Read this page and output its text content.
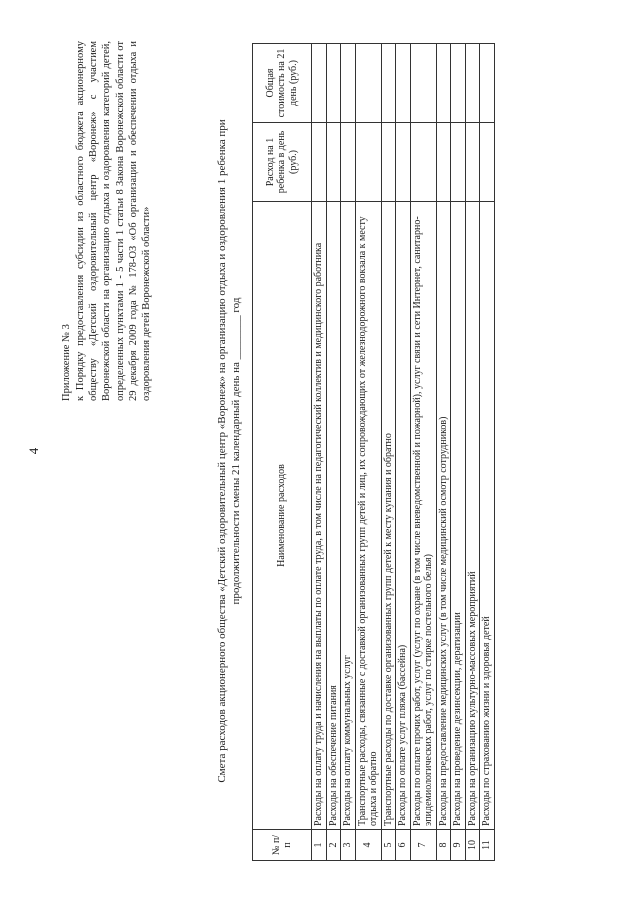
4

Приложение № 3 к Порядку предоставления субсидии из областного бюджета акционерному обществу «Детский оздоровительный центр «Воронеж» с участием Воронежской области на организацию отдыха и оздоровления категорий детей, определенных пунктами 1 - 5 части 1 статьи 8 Закона Воронежской области от 29 декабря 2009 года № 178-ОЗ «Об организации и обеспечении отдыха и оздоровления детей Воронежской области»	Смета расходов акционерного общества «Детский оздоровительный центр «Воронеж» на организацию отдыха и оздоровления 1 ребенка при продолжительности смены 21 календарный день на ________ год
№ п/п	Наименование расходов	Расход на 1 ребенка в день (руб.)	Общая стоимость на 21 день (руб.)
1	Расходы на оплату труда и начисления на выплаты по оплате труда, в том числе на педагогический коллектив и медицинского работника		
2	Расходы на обеспечение питания		
3	Расходы на оплату коммунальных услуг		
4	Транспортные расходы, связанные с доставкой организованных групп детей и лиц, их сопровождающих от железнодорожного вокзала к месту отдыха и обратно		
5	Транспортные расходы по доставке организованных групп детей к месту купания и обратно		
6	Расходы по оплате услуг пляжа (бассейна)		
7	Расходы по оплате прочих работ, услуг (услуг по охране (в том числе вневедомственной и пожарной), услуг связи и сети Интернет, санитарно-эпидемиологических работ, услуг по стирке постельного белья)		
8	Расходы на предоставление медицинских услуг (в том числе медицинский осмотр сотрудников)		
9	Расходы на проведение дезинсекции, дератизации		
10	Расходы на организацию культурно-массовых мероприятий		
11	Расходы по страхованию жизни и здоровья детей		
